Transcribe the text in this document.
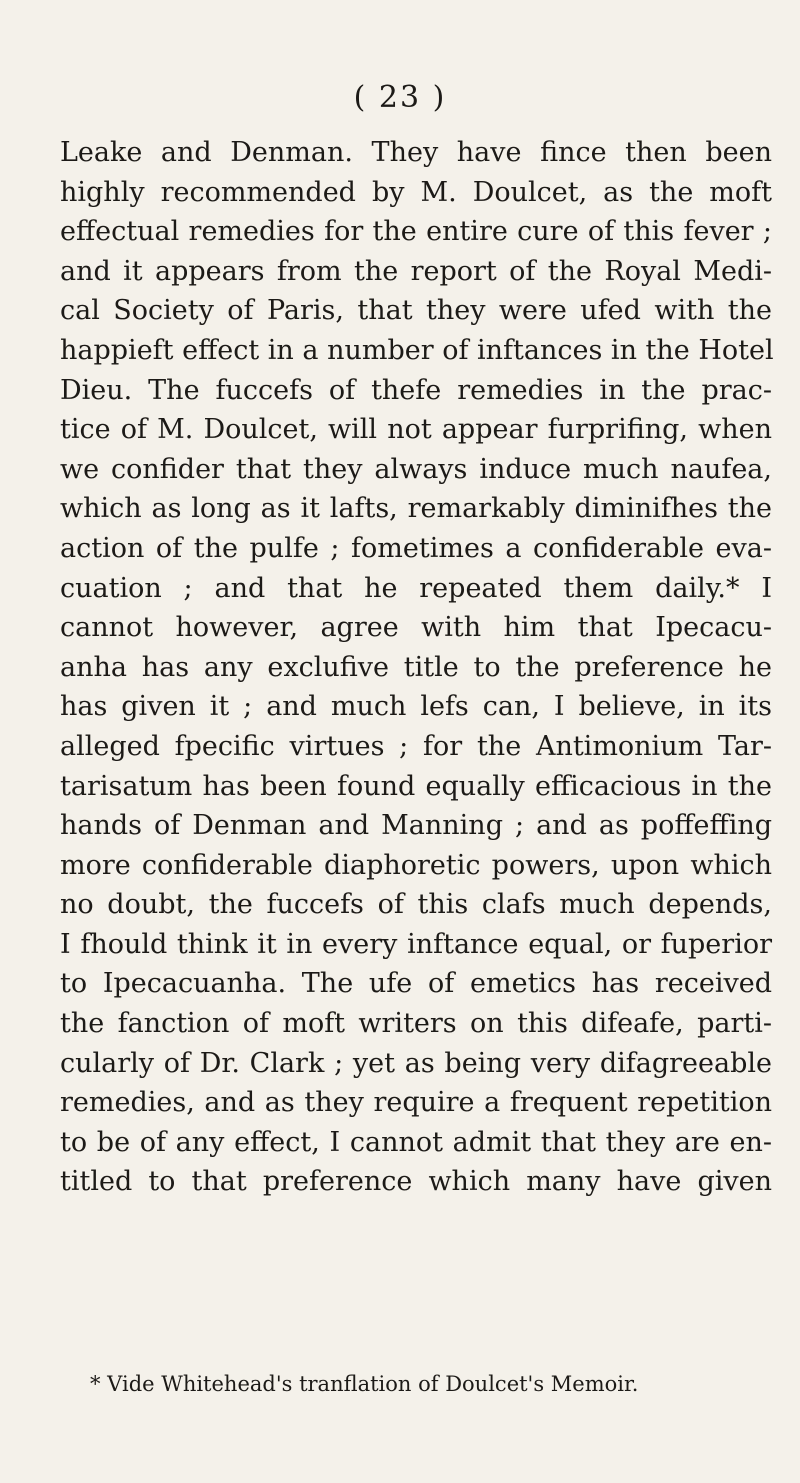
( 23 )
Leake and Denman. They have fince then been
highly recommended by M. Doulcet, as the moft
effectual remedies for the entire cure of this fever ;
and it appears from the report of the Royal Medi-
cal Society of Paris, that they were ufed with the
happieft effect in a number of inftances in the Hotel
Dieu. The fuccefs of thefe remedies in the prac-
tice of M. Doulcet, will not appear furprifing, when
we confider that they always induce much naufea,
which as long as it lafts, remarkably diminifhes the
action of the pulfe ; fometimes a confiderable eva-
cuation ; and that he repeated them daily.* I
cannot however, agree with him that Ipecacu-
anha has any exclufive title to the preference he
has given it ; and much lefs can, I believe, in its
alleged fpecific virtues ; for the Antimonium Tar-
tarisatum has been found equally efficacious in the
hands of Denman and Manning ; and as poffeffing
more confiderable diaphoretic powers, upon which
no doubt, the fuccefs of this clafs much depends,
I fhould think it in every inftance equal, or fuperior
to Ipecacuanha. The ufe of emetics has received
the fanction of moft writers on this difeafe, parti-
cularly of Dr. Clark ; yet as being very difagreeable
remedies, and as they require a frequent repetition
to be of any effect, I cannot admit that they are en-
titled to that preference which many have given
* Vide Whitehead's tranflation of Doulcet's Memoir.
